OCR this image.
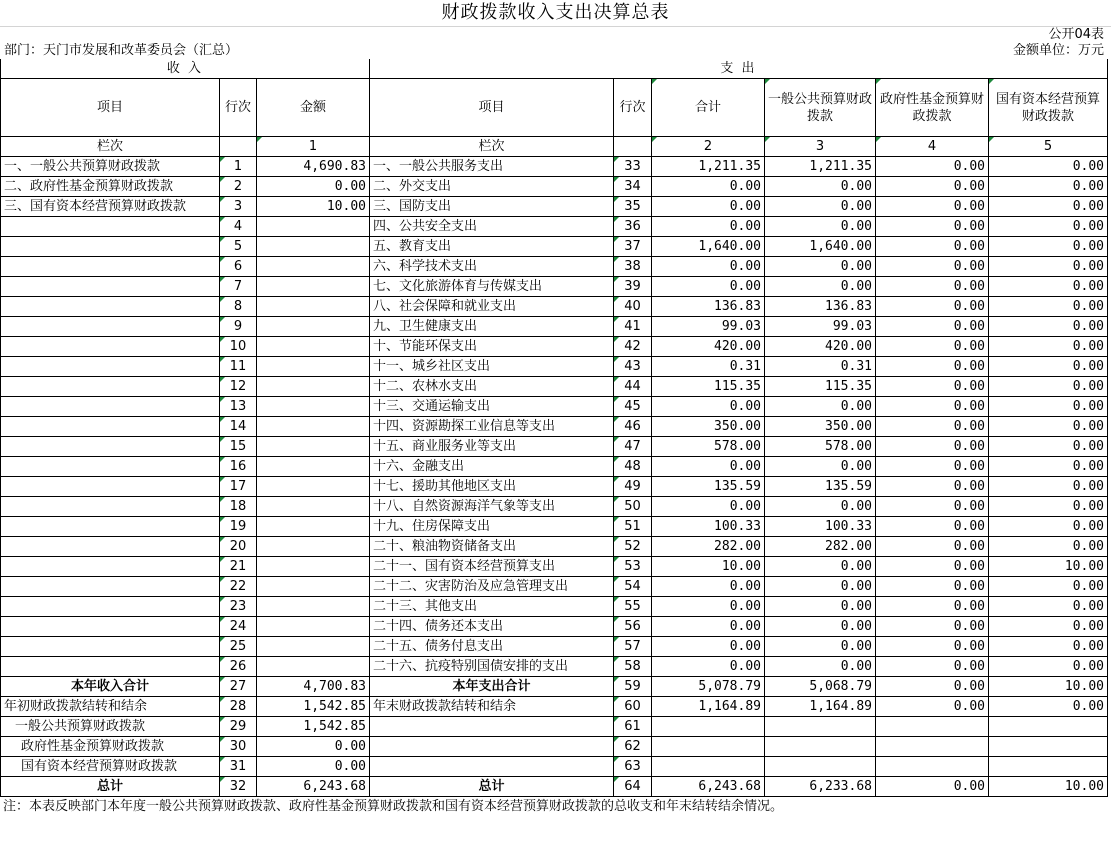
财政拨款收入支出决算总表
								公开04表
部门：天门市发展和改革委员会（汇总）								金额单位：万元
收 入			支 出					
项目	行次	金额	项目	行次	合计	一般公共预算财政拨款	政府性基金预算财政拨款	国有资本经营预算财政拨款
栏次		1	栏次		2	3	4	5
一、一般公共预算财政拨款	1	4,690.83	一、一般公共服务支出	33	1,211.35	1,211.35	0.00	0.00
二、政府性基金预算财政拨款	2	0.00	二、外交支出	34	0.00	0.00	0.00	0.00
三、国有资本经营预算财政拨款	3	10.00	三、国防支出	35	0.00	0.00	0.00	0.00
	4		四、公共安全支出	36	0.00	0.00	0.00	0.00
	5		五、教育支出	37	1,640.00	1,640.00	0.00	0.00
	6		六、科学技术支出	38	0.00	0.00	0.00	0.00
	7		七、文化旅游体育与传媒支出	39	0.00	0.00	0.00	0.00
	8		八、社会保障和就业支出	40	136.83	136.83	0.00	0.00
	9		九、卫生健康支出	41	99.03	99.03	0.00	0.00
	10		十、节能环保支出	42	420.00	420.00	0.00	0.00
	11		十一、城乡社区支出	43	0.31	0.31	0.00	0.00
	12		十二、农林水支出	44	115.35	115.35	0.00	0.00
	13		十三、交通运输支出	45	0.00	0.00	0.00	0.00
	14		十四、资源勘探工业信息等支出	46	350.00	350.00	0.00	0.00
	15		十五、商业服务业等支出	47	578.00	578.00	0.00	0.00
	16		十六、金融支出	48	0.00	0.00	0.00	0.00
	17		十七、援助其他地区支出	49	135.59	135.59	0.00	0.00
	18		十八、自然资源海洋气象等支出	50	0.00	0.00	0.00	0.00
	19		十九、住房保障支出	51	100.33	100.33	0.00	0.00
	20		二十、粮油物资储备支出	52	282.00	282.00	0.00	0.00
	21		二十一、国有资本经营预算支出	53	10.00	0.00	0.00	10.00
	22		二十二、灾害防治及应急管理支出	54	0.00	0.00	0.00	0.00
	23		二十三、其他支出	55	0.00	0.00	0.00	0.00
	24		二十四、债务还本支出	56	0.00	0.00	0.00	0.00
	25		二十五、债务付息支出	57	0.00	0.00	0.00	0.00
	26		二十六、抗疫特别国债安排的支出	58	0.00	0.00	0.00	0.00
本年收入合计	27	4,700.83	本年支出合计	59	5,078.79	5,068.79	0.00	10.00
年初财政拨款结转和结余	28	1,542.85	年末财政拨款结转和结余	60	1,164.89	1,164.89	0.00	0.00
一般公共预算财政拨款	29	1,542.85		61				
政府性基金预算财政拨款	30	0.00		62				
国有资本经营预算财政拨款	31	0.00		63				
总计	32	6,243.68	总计	64	6,243.68	6,233.68	0.00	10.00
注：本表反映部门本年度一般公共预算财政拨款、政府性基金预算财政拨款和国有资本经营预算财政拨款的总收支和年末结转结余情况。
